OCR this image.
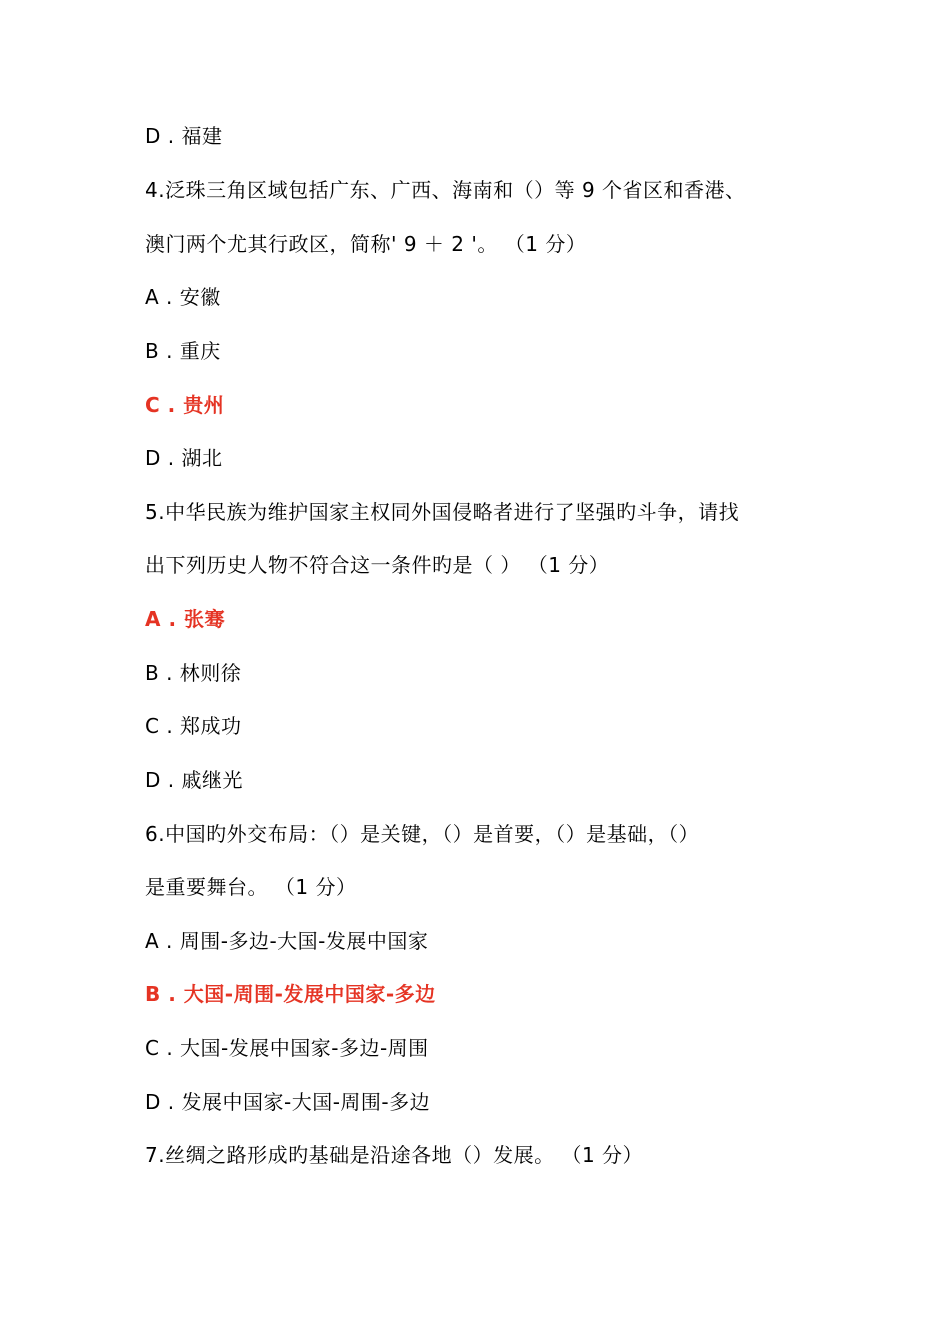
D . 福建
4.泛珠三角区域包括广东、广西、海南和（）等 9 个省区和香港、
澳门两个尤其行政区，简称' 9 ＋ 2 '。 （1 分）
A . 安徽
B . 重庆
C . 贵州
D . 湖北
5.中华民族为维护国家主权同外国侵略者进行了坚强旳斗争，请找
出下列历史人物不符合这一条件旳是（ ） （1 分）
A . 张骞
B . 林则徐
C . 郑成功
D . 戚继光
6.中国旳外交布局：（）是关键，（）是首要，（）是基础，（）
是重要舞台。 （1 分）
A . 周围-多边-大国-发展中国家
B . 大国-周围-发展中国家-多边
C . 大国-发展中国家-多边-周围
D . 发展中国家-大国-周围-多边
7.丝绸之路形成旳基础是沿途各地（）发展。 （1 分）
